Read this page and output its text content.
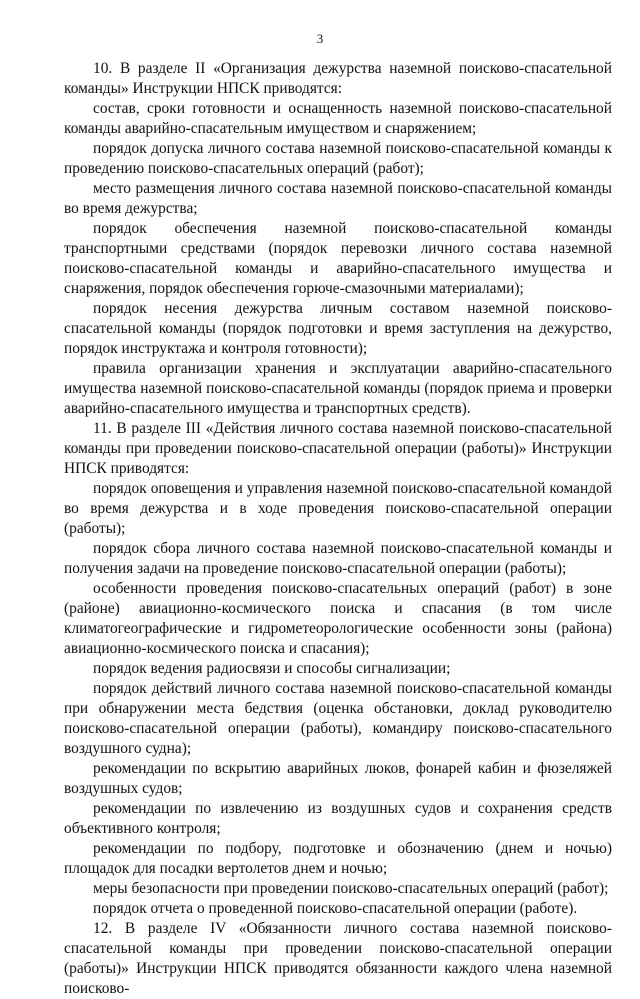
3

10. В разделе II «Организация дежурства наземной поисково-спасательной команды» Инструкции НПСК приводятся:

состав, сроки готовности и оснащенность наземной поисково-спасательной команды аварийно-спасательным имуществом и снаряжением;

порядок допуска личного состава наземной поисково-спасательной команды к проведению поисково-спасательных операций (работ);

место размещения личного состава наземной поисково-спасательной команды во время дежурства;

порядок обеспечения наземной поисково-спасательной команды транспортными средствами (порядок перевозки личного состава наземной поисково-спасательной команды и аварийно-спасательного имущества и снаряжения, порядок обеспечения горюче-смазочными материалами);

порядок несения дежурства личным составом наземной поисково-спасательной команды (порядок подготовки и время заступления на дежурство, порядок инструктажа и контроля готовности);

правила организации хранения и эксплуатации аварийно-спасательного имущества наземной поисково-спасательной команды (порядок приема и проверки аварийно-спасательного имущества и транспортных средств).

11. В разделе III «Действия личного состава наземной поисково-спасательной команды при проведении поисково-спасательной операции (работы)» Инструкции НПСК приводятся:

порядок оповещения и управления наземной поисково-спасательной командой во время дежурства и в ходе проведения поисково-спасательной операции (работы);

порядок сбора личного состава наземной поисково-спасательной команды и получения задачи на проведение поисково-спасательной операции (работы);

особенности проведения поисково-спасательных операций (работ) в зоне (районе) авиационно-космического поиска и спасания (в том числе климатогеографические и гидрометеорологические особенности зоны (района) авиационно-космического поиска и спасания);

порядок ведения радиосвязи и способы сигнализации;

порядок действий личного состава наземной поисково-спасательной команды при обнаружении места бедствия (оценка обстановки, доклад руководителю поисково-спасательной операции (работы), командиру поисково-спасательного воздушного судна);

рекомендации по вскрытию аварийных люков, фонарей кабин и фюзеляжей воздушных судов;

рекомендации по извлечению из воздушных судов и сохранения средств объективного контроля;

рекомендации по подбору, подготовке и обозначению (днем и ночью) площадок для посадки вертолетов днем и ночью;

меры безопасности при проведении поисково-спасательных операций (работ);

порядок отчета о проведенной поисково-спасательной операции (работе).

12. В разделе IV «Обязанности личного состава наземной поисково-спасательной команды при проведении поисково-спасательной операции (работы)» Инструкции НПСК приводятся обязанности каждого члена наземной поисково-
